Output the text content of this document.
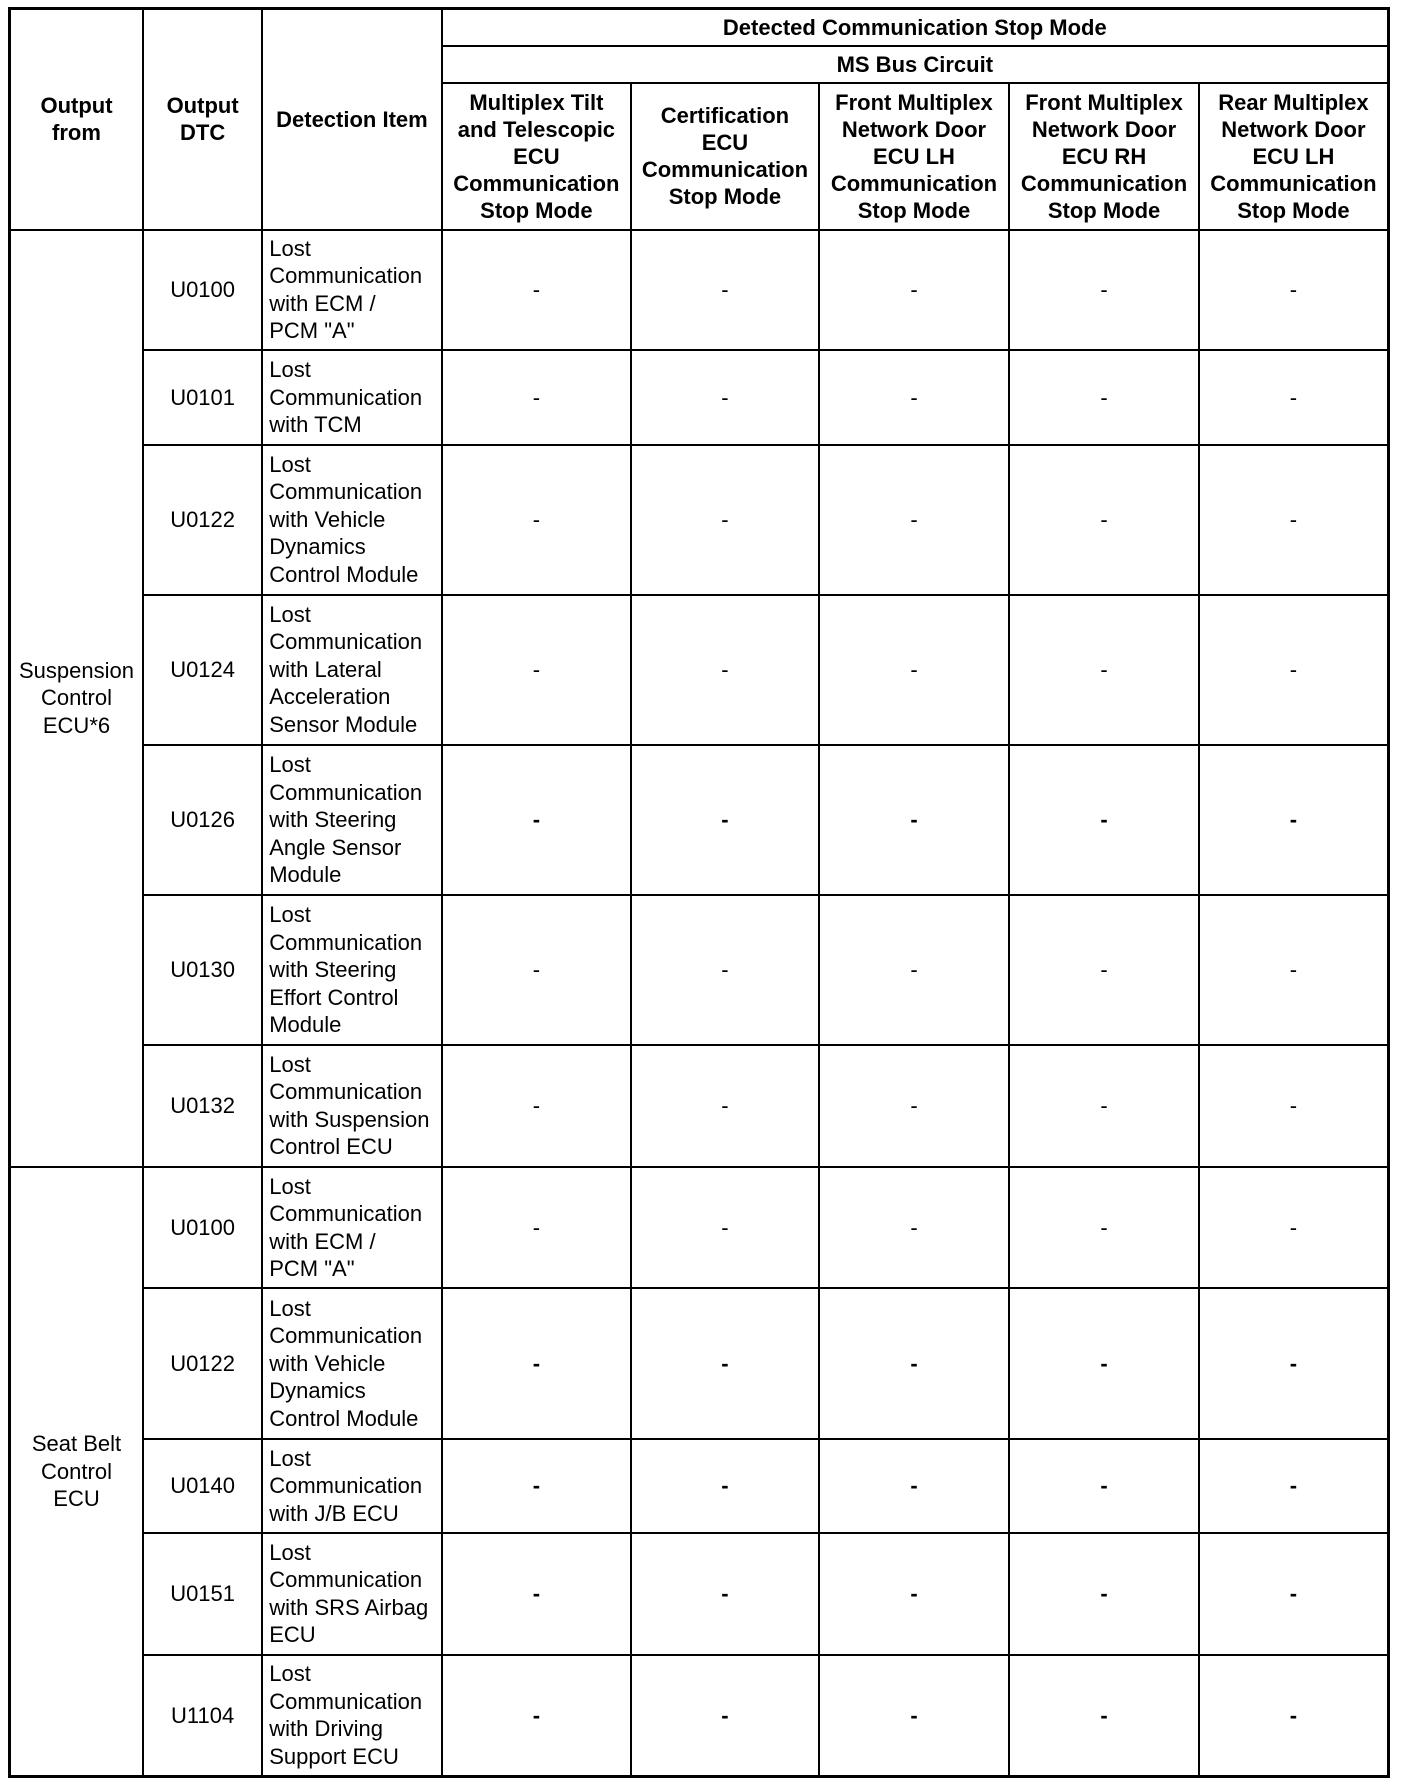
Output
from	Output
DTC	Detection Item	Detected Communication Stop Mode				
			MS Bus Circuit				
			Multiplex Tilt
and Telescopic
ECU
Communication
Stop Mode	Certification
ECU
Communication
Stop Mode	Front Multiplex
Network Door
ECU LH
Communication
Stop Mode	Front Multiplex
Network Door
ECU RH
Communication
Stop Mode	Rear Multiplex
Network Door
ECU LH
Communication
Stop Mode
Suspension
Control
ECU*6	U0100	Lost
Communication
with ECM /
PCM "A"	-	-	-	-	-
	U0101	Lost
Communication
with TCM	-	-	-	-	-
	U0122	Lost
Communication
with Vehicle
Dynamics
Control Module	-	-	-	-	-
	U0124	Lost
Communication
with Lateral
Acceleration
Sensor Module	-	-	-	-	-
	U0126	Lost
Communication
with Steering
Angle Sensor
Module	-	-	-	-	-
	U0130	Lost
Communication
with Steering
Effort Control
Module	-	-	-	-	-
	U0132	Lost
Communication
with Suspension
Control ECU	-	-	-	-	-
Seat Belt
Control
ECU	U0100	Lost
Communication
with ECM /
PCM "A"	-	-	-	-	-
	U0122	Lost
Communication
with Vehicle
Dynamics
Control Module	-	-	-	-	-
	U0140	Lost
Communication
with J/B ECU	-	-	-	-	-
	U0151	Lost
Communication
with SRS Airbag
ECU	-	-	-	-	-
	U1104	Lost
Communication
with Driving
Support ECU	-	-	-	-	-
